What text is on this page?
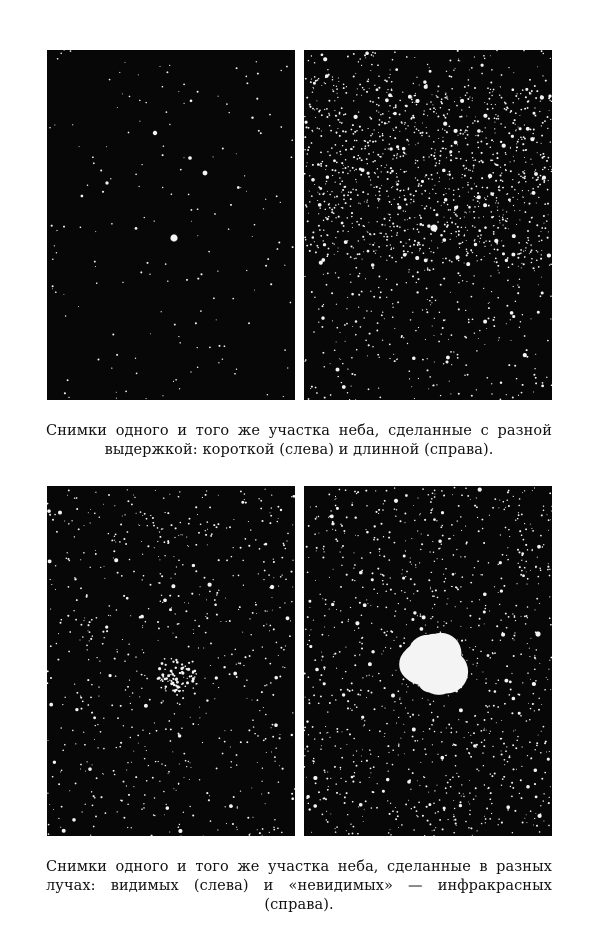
Снимки одного и того же участка неба, сделанные с разной выдержкой: короткой (слева) и длинной (справа).
Снимки одного и того же участка неба, сделанные в разных лучах: видимых (слева) и «невидимых» — инфракрасных (справа).
